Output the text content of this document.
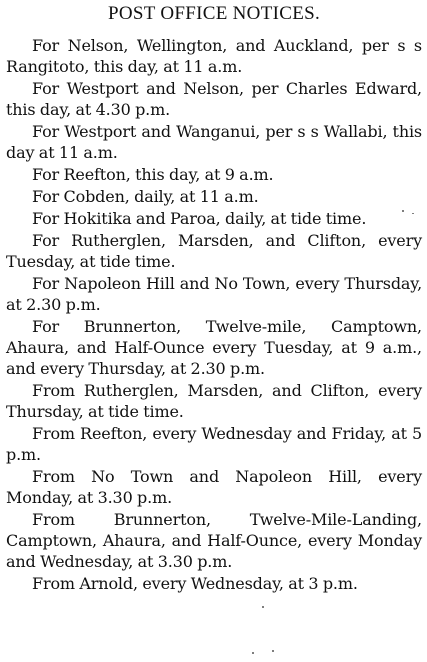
POST OFFICE NOTICES.

For Nelson, Wellington, and Auckland, per s s Rangitoto, this day, at 11 a.m.

For Westport and Nelson, per Charles Edward, this day, at 4.30 p.m.

For Westport and Wanganui, per s s Wallabi, this day at 11 a.m.

For Reefton, this day, at 9 a.m.

For Cobden, daily, at 11 a.m.

For Hokitika and Paroa, daily, at tide time.

For Rutherglen, Marsden, and Clifton, every Tuesday, at tide time.

For Napoleon Hill and No Town, every Thursday, at 2.30 p.m.

For Brunnerton, Twelve-mile, Camptown, Ahaura, and Half-Ounce every Tuesday, at 9 a.m., and every Thursday, at 2.30 p.m.

From Rutherglen, Marsden, and Clifton, every Thursday, at tide time.

From Reefton, every Wednesday and Friday, at 5 p.m.

From No Town and Napoleon Hill, every Monday, at 3.30 p.m.

From Brunnerton, Twelve-Mile-Landing, Camptown, Ahaura, and Half-Ounce, every Monday and Wednesday, at 3.30 p.m.

From Arnold, every Wednesday, at 3 p.m.
